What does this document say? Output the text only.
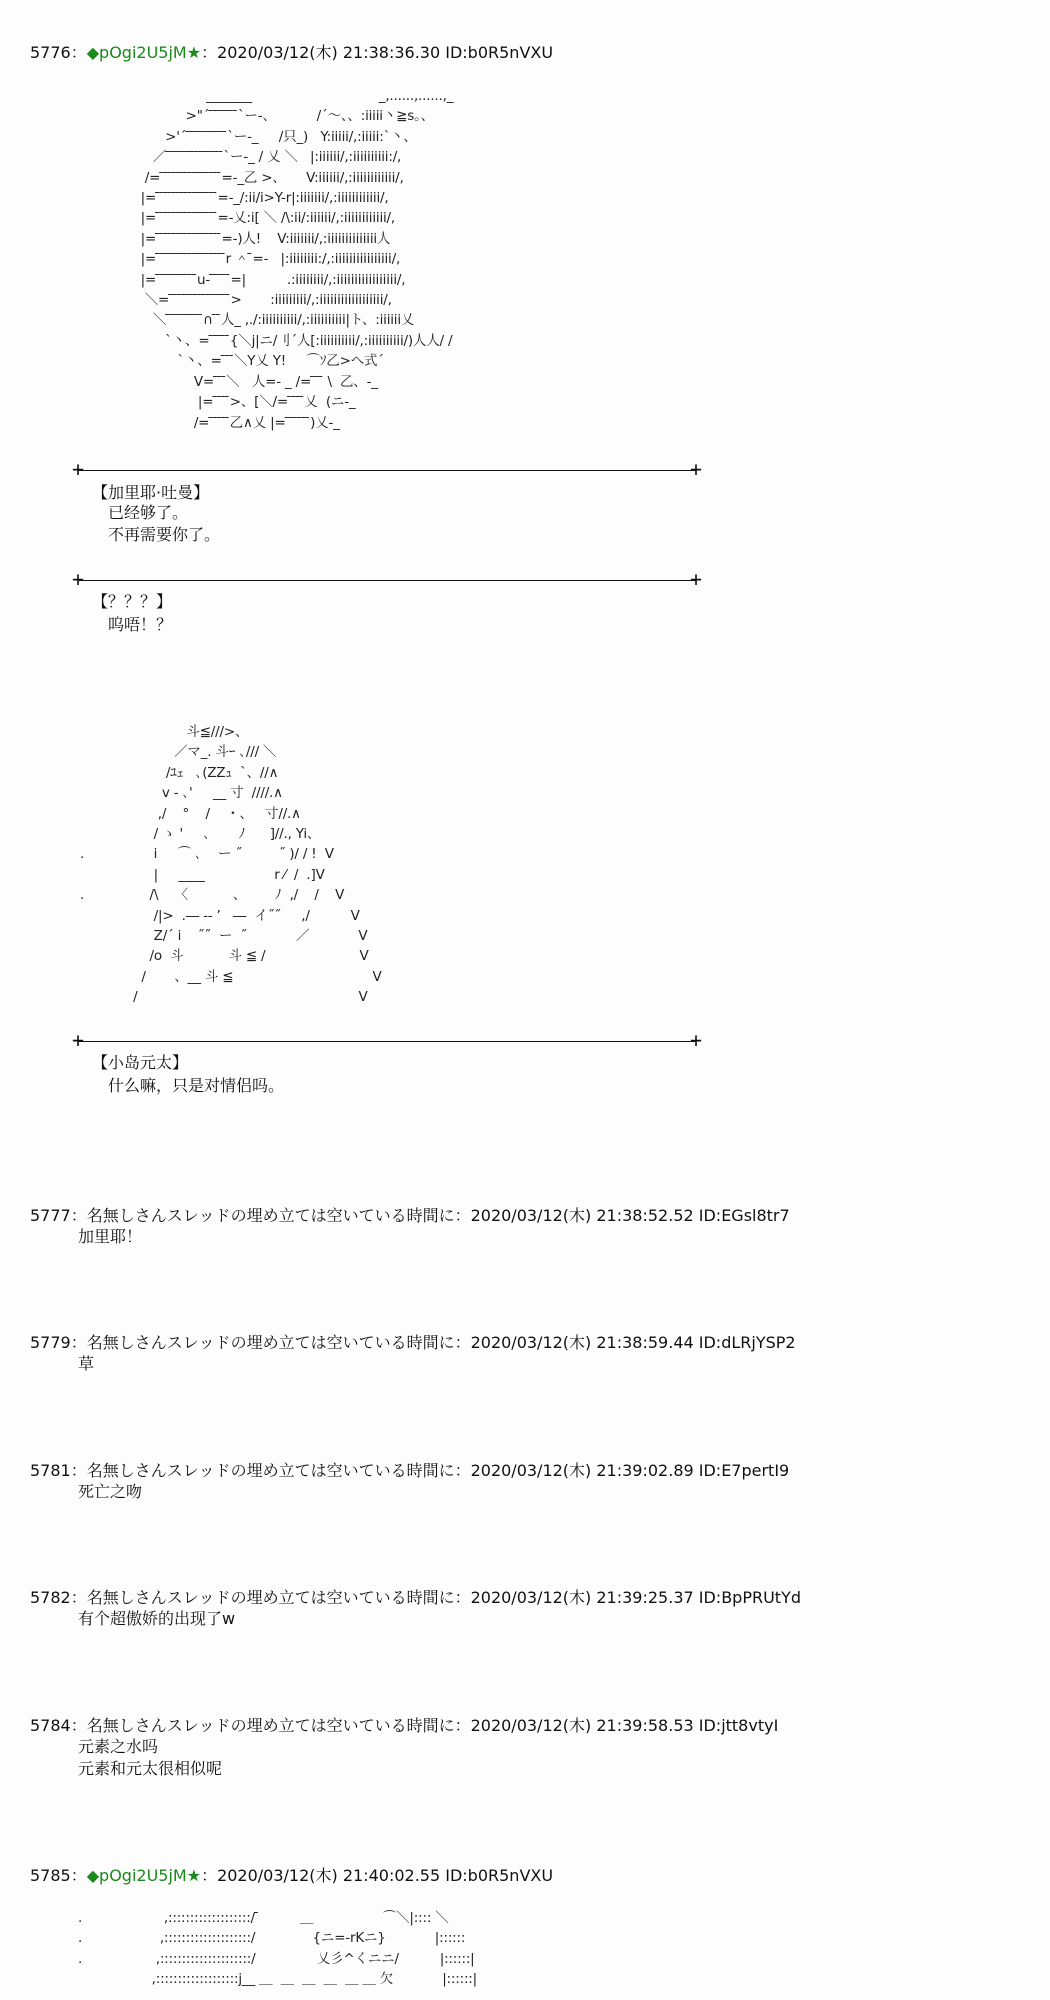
5776：◆pOgi2U5jM★：2020/03/12(木) 21:38:36.30 ID:b0R5nVXU
_______                               _,......,......,_
>"´ ̄ ̄ ̄ ̄ ̄ ̄ ̄`ー-、          /´～、、:iiiii丶≧s。、
>'´ ̄ ̄ ̄ ̄ ̄ ̄ ̄ ̄ ̄ ̄`ー-_     /只_)   Y:iiiii/,:iiiii:`丶、
／ ̄ ̄ ̄ ̄ ̄ ̄ ̄ ̄ ̄ ̄ ̄ ̄ ̄ ̄`ー-_ / 乂 ＼   |:iiiiii/,:iiiiiiiiii:/,
/= ̄ ̄ ̄ ̄ ̄ ̄ ̄ ̄ ̄ ̄ ̄ ̄ ̄ ̄ ̄=-_乙 >、     V:iiiiii/,:iiiiiiiiiiii/,
|= ̄ ̄ ̄ ̄ ̄ ̄ ̄ ̄ ̄ ̄ ̄ ̄ ̄ ̄ ̄=-_/:ii/i>Y-r|:iiiiiii/,:iiiiiiiiiiii/,
|= ̄ ̄ ̄ ̄ ̄ ̄ ̄ ̄ ̄ ̄ ̄ ̄ ̄ ̄ ̄=-乂:i[ ＼ /\:ii/:iiiiii/,:iiiiiiiiiiii/,
|= ̄ ̄ ̄ ̄ ̄ ̄ ̄ ̄ ̄ ̄ ̄ ̄ ̄ ̄ ̄ ̄=-)人!    V:iiiiiii/,:iiiiiiiiiiiiii人
|= ̄ ̄ ̄ ̄ ̄ ̄ ̄ ̄ ̄ ̄ ̄ ̄ ̄ ̄ ̄ ̄ ̄r ＾ ̄=-   |:iiiiiiii:/,:iiiiiiiiiiiiiiii/,
|= ̄ ̄ ̄ ̄ ̄ ̄ ̄ ̄ ̄ ̄u- ̄ ̄ ̄ ̄ ̄=|          .:iiiiiiii/,:iiiiiiiiiiiiiiiii/,
＼= ̄ ̄ ̄ ̄ ̄ ̄ ̄ ̄ ̄ ̄ ̄ ̄ ̄ ̄ ̄>       :iiiiiiiii/,:iiiiiiiiiiiiiiiiii/,
＼ ̄ ̄ ̄ ̄ ̄ ̄ ̄ ̄ ̄∩ ̄ ̄人_ ,./:iiiiiiiiii/,:iiiiiiiiii|ト、:iiiiii乂
`丶、= ̄ ̄ ̄ ̄ ̄{＼j|ニ/刂´人[:iiiiiiiiii/,:iiiiiiiiii/)人人/ /
`丶、= ̄ ̄ ̄＼Y乂 Y!     ⌒ｿ乙>へ式´
V= ̄ ̄ ̄＼   人=- _ /= ̄ ̄ ̄ \  乙、-_
|= ̄ ̄ ̄ ̄>、[＼/= ̄ ̄ ̄ ̄乂  (ニ-_
/= ̄ ̄ ̄ ̄ ̄乙∧乂 |= ̄ ̄ ̄ ̄ ̄ ̄)乂-_
+	+
【加里耶·吐曼】
已经够了。
不再需要你了。
+	+
【？？？】
呜唔！？
斗≦///>、
／マ_. 斗ｰ ､/// ＼
/ﾕｪ   ､(ZZｭ  `、//∧
v - ､'     __ 寸  ////.∧
,/    °    /    ・、   寸//.∧
/ ゝ '     ､       ﾉ      ]//., Yi、
.                 i     ⌒ ､    ー ˝         ˝ )/ / !  V
|     ____                 r ⁄  /  .]V
.                /\    〈           、       ﾉ  ,/    /    V
/|>  .― ‐‐ ’   ―  イ˝˝     ,/          V
Z/´ i    ˝˝  ー  ˝            ／            V
/o  斗           斗 ≦ /                       V
/       、__ 斗 ≦                                  V
/                                                      V
+	+
【小岛元太】
什么嘛，只是对情侣吗。
5777：名無しさんスレッドの埋め立ては空いている時間に：2020/03/12(木) 21:38:52.52 ID:EGsl8tr7
加里耶！
5779：名無しさんスレッドの埋め立ては空いている時間に：2020/03/12(木) 21:38:59.44 ID:dLRjYSP2
草
5781：名無しさんスレッドの埋め立ては空いている時間に：2020/03/12(木) 21:39:02.89 ID:E7pertI9
死亡之吻
5782：名無しさんスレッドの埋め立ては空いている時間に：2020/03/12(木) 21:39:25.37 ID:BpPRUtYd
有个超傲娇的出现了w
5784：名無しさんスレッドの埋め立ては空いている時間に：2020/03/12(木) 21:39:58.53 ID:jtt8vtyI
元素之水吗
元素和元太很相似呢
5785：◆pOgi2U5jM★：2020/03/12(木) 21:40:02.55 ID:b0R5nVXU
.                    ,:::::::::::::::::::/ ̄          ＿                 ⌒＼|:::: ＼
.                   ,::::::::::::::::::::/              {ニ=-rKニ}            |::::::
.                  ,:::::::::::::::::::::/               乂彡^くニニ/          |::::::|
,:::::::::::::::::::j__ ＿  ＿  ＿  ＿  ＿ ＿ 欠            |::::::|
